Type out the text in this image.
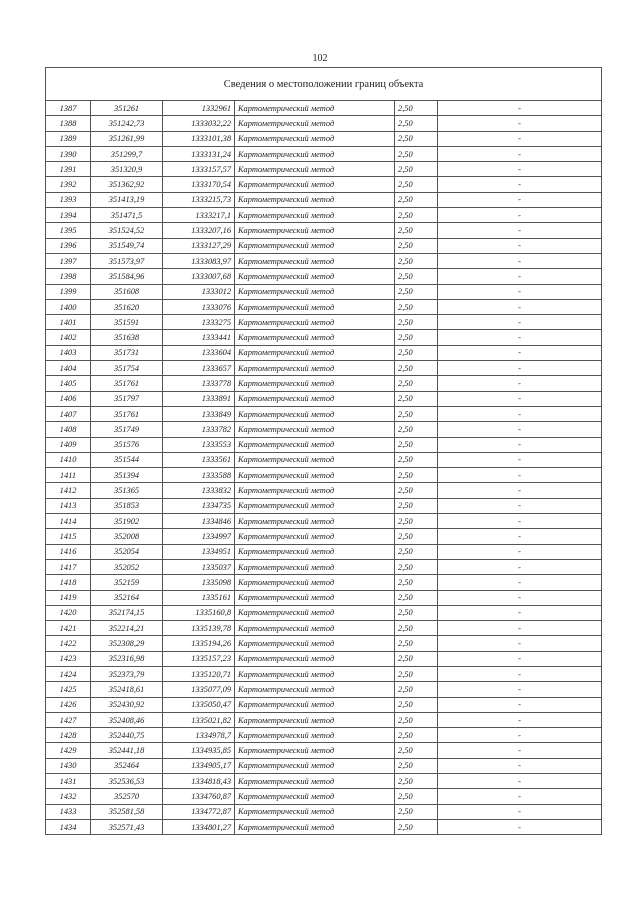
102
Сведения о местоположении границ объекта					
1387	351261	1332961	Картометрический метод	2,50	-
1388	351242,73	1333032,22	Картометрический метод	2,50	-
1389	351261,99	1333101,38	Картометрический метод	2,50	-
1390	351299,7	1333131,24	Картометрический метод	2,50	-
1391	351320,9	1333157,57	Картометрический метод	2,50	-
1392	351362,92	1333170,54	Картометрический метод	2,50	-
1393	351413,19	1333215,73	Картометрический метод	2,50	-
1394	351471,5	1333217,1	Картометрический метод	2,50	-
1395	351524,52	1333207,16	Картометрический метод	2,50	-
1396	351549,74	1333127,29	Картометрический метод	2,50	-
1397	351573,97	1333083,97	Картометрический метод	2,50	-
1398	351584,96	1333007,68	Картометрический метод	2,50	-
1399	351608	1333012	Картометрический метод	2,50	-
1400	351620	1333076	Картометрический метод	2,50	-
1401	351591	1333275	Картометрический метод	2,50	-
1402	351638	1333441	Картометрический метод	2,50	-
1403	351731	1333604	Картометрический метод	2,50	-
1404	351754	1333657	Картометрический метод	2,50	-
1405	351761	1333778	Картометрический метод	2,50	-
1406	351797	1333891	Картометрический метод	2,50	-
1407	351761	1333849	Картометрический метод	2,50	-
1408	351749	1333782	Картометрический метод	2,50	-
1409	351576	1333553	Картометрический метод	2,50	-
1410	351544	1333561	Картометрический метод	2,50	-
1411	351394	1333588	Картометрический метод	2,50	-
1412	351365	1333832	Картометрический метод	2,50	-
1413	351853	1334735	Картометрический метод	2,50	-
1414	351902	1334846	Картометрический метод	2,50	-
1415	352008	1334997	Картометрический метод	2,50	-
1416	352054	1334951	Картометрический метод	2,50	-
1417	352052	1335037	Картометрический метод	2,50	-
1418	352159	1335098	Картометрический метод	2,50	-
1419	352164	1335161	Картометрический метод	2,50	-
1420	352174,15	1335160,8	Картометрический метод	2,50	-
1421	352214,21	1335139,78	Картометрический метод	2,50	-
1422	352308,29	1335194,26	Картометрический метод	2,50	-
1423	352316,98	1335157,23	Картометрический метод	2,50	-
1424	352373,79	1335120,71	Картометрический метод	2,50	-
1425	352418,61	1335077,09	Картометрический метод	2,50	-
1426	352430,92	1335050,47	Картометрический метод	2,50	-
1427	352408,46	1335021,82	Картометрический метод	2,50	-
1428	352440,75	1334978,7	Картометрический метод	2,50	-
1429	352441,18	1334935,85	Картометрический метод	2,50	-
1430	352464	1334905,17	Картометрический метод	2,50	-
1431	352536,53	1334818,43	Картометрический метод	2,50	-
1432	352570	1334760,87	Картометрический метод	2,50	-
1433	352581,58	1334772,87	Картометрический метод	2,50	-
1434	352571,43	1334801,27	Картометрический метод	2,50	-
